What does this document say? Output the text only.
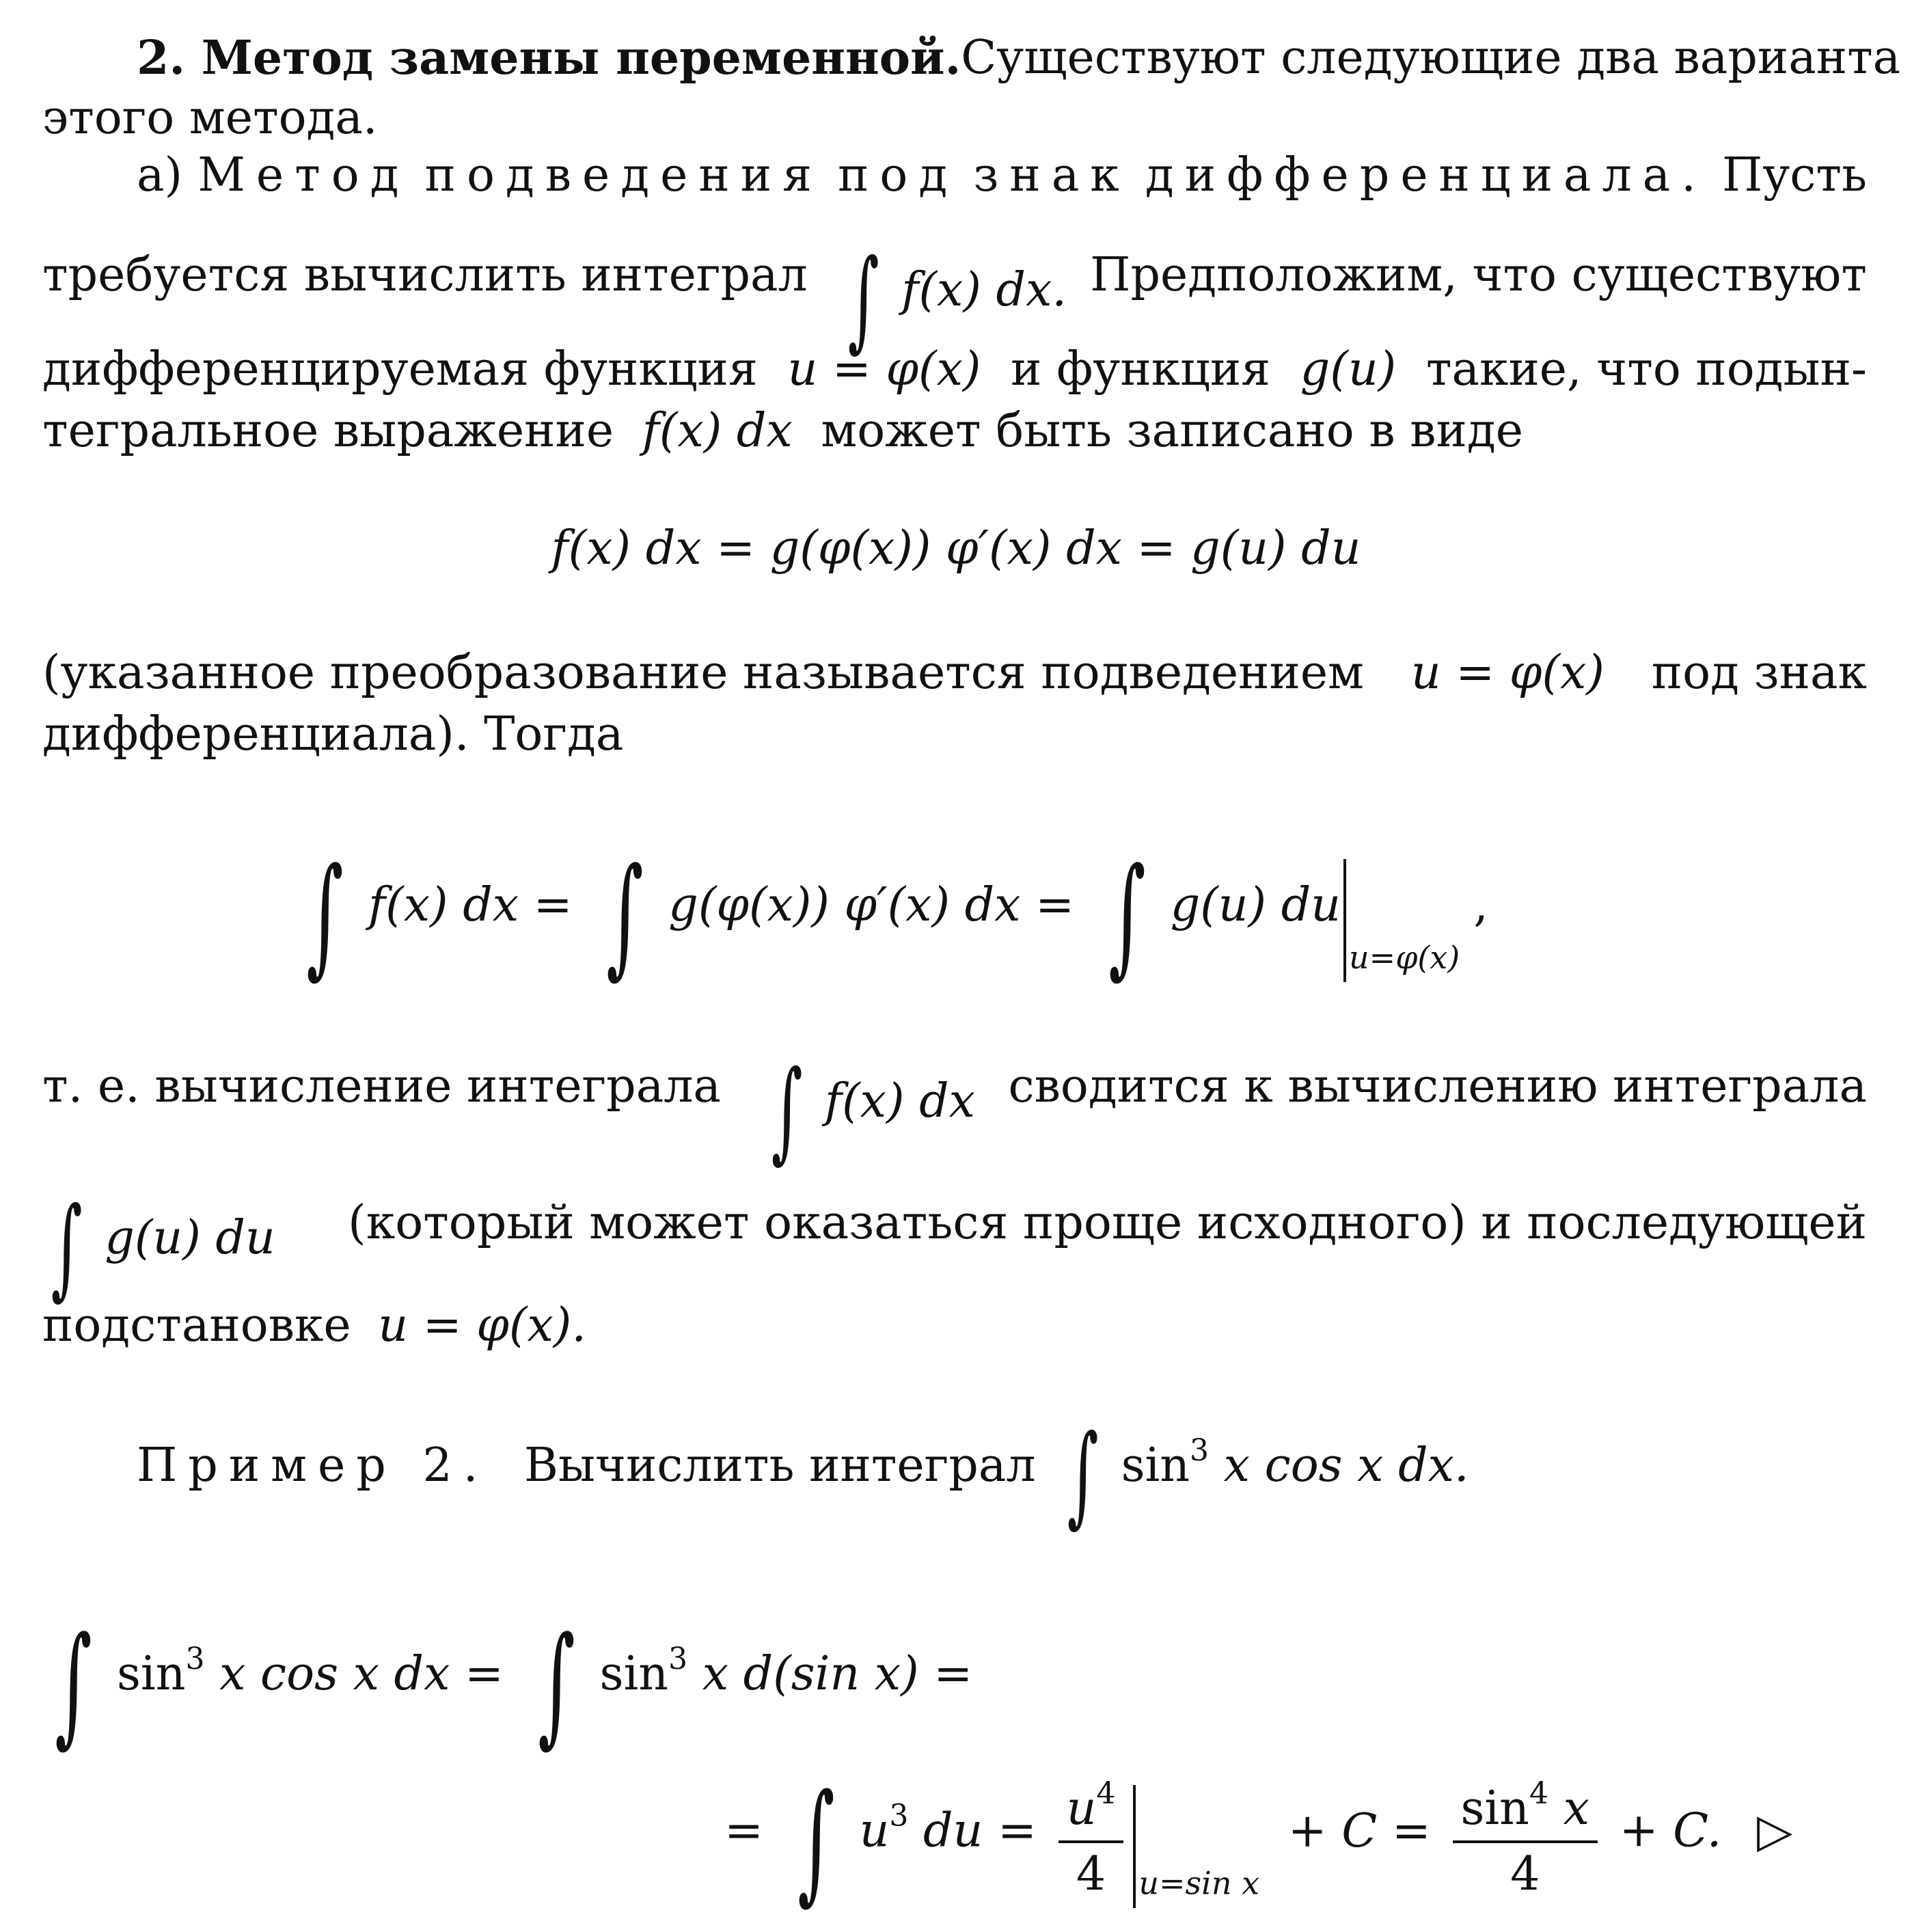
2. Метод замены переменной. Существуют следующие два варианта
этого метода.
а) Метод подведения под знак дифференциала. Пусть
требуется вычислить интеграл ∫ f(x) dx. Предположим, что существуют
дифференцируемая функция u = φ(x) и функция g(u) такие, что подын-
тегральное выражение f(x) dx может быть записано в виде
f(x) dx = g(φ(x)) φ′(x) dx = g(u) du
(указанное преобразование называется подведением u = φ(x) под знак
дифференциала). Тогда
∫ f(x) dx = ∫ g(φ(x)) φ′(x) dx = ∫ g(u) $du_{u=\varphi(x)}$,
т. е. вычисление интеграла ∫ f(x) dx сводится к вычислению интеграла
∫ g(u) du (который может оказаться проще исходного) и последующей
подстановке u = φ(x).
Пример 2. Вычислить интеграл ∫ $\sin^3 x$ cos x dx.
∫ $\sin^3 x$ cos x dx = ∫ $\sin^3 x$ d(sin x) =
= ∫ $u^3$ du = $\frac{u^4}{4} _{u=sin x} + C = \frac{\sin^4 x}{4} + C$. ▷
